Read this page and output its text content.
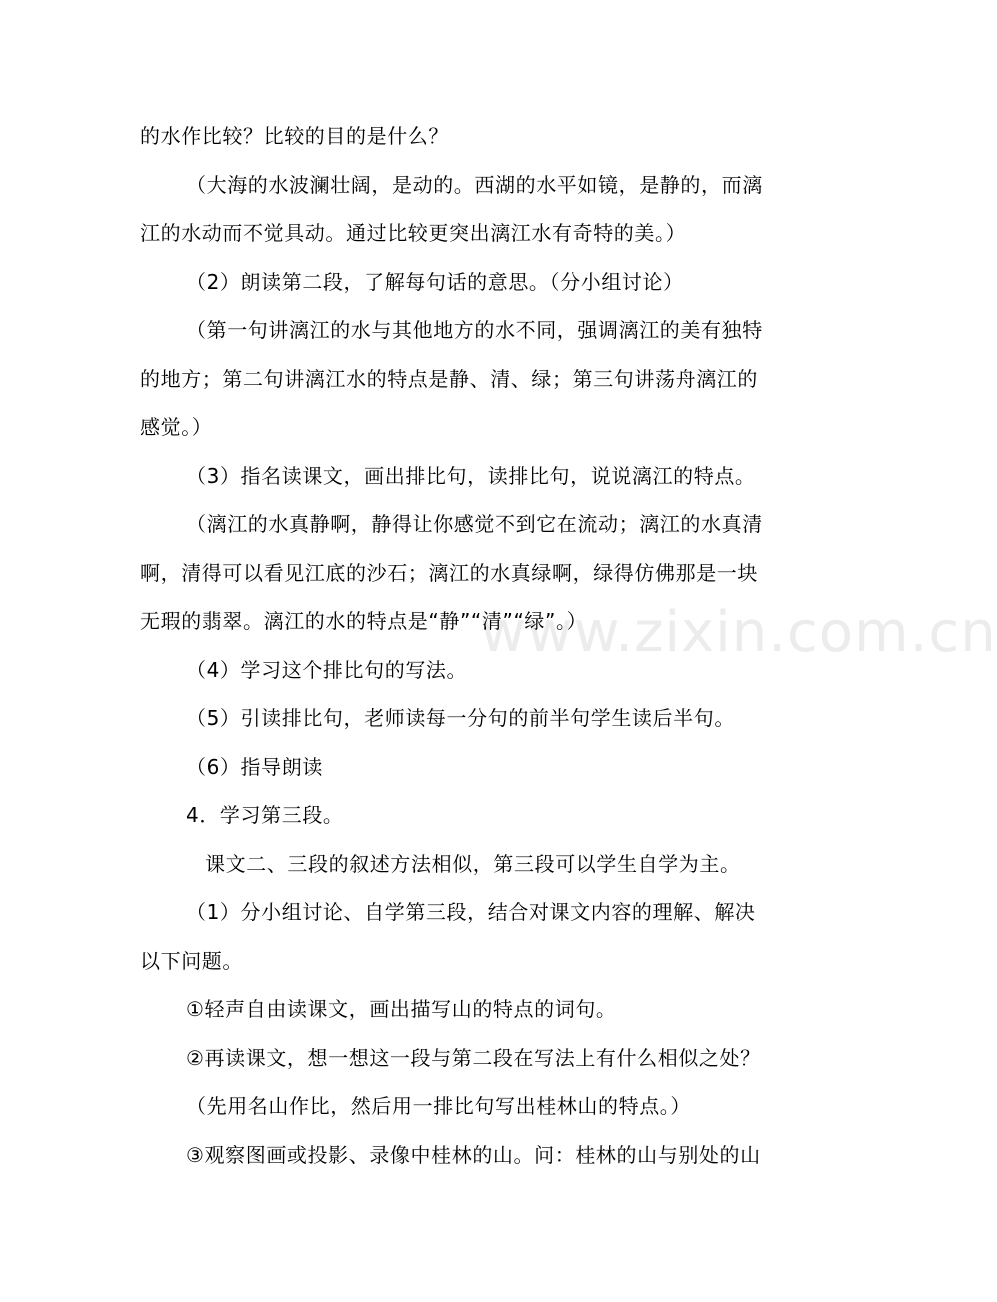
www.zixin.com.cn
的水作比较？比较的目的是什么？
（大海的水波澜壮阔，是动的。西湖的水平如镜，是静的，而漓
江的水动而不觉具动。通过比较更突出漓江水有奇特的美。）
（2）朗读第二段，了解每句话的意思。（分小组讨论）
（第一句讲漓江的水与其他地方的水不同，强调漓江的美有独特
的地方；第二句讲漓江水的特点是静、清、绿；第三句讲荡舟漓江的
感觉。）
（3）指名读课文，画出排比句，读排比句，说说漓江的特点。
（漓江的水真静啊，静得让你感觉不到它在流动；漓江的水真清
啊，清得可以看见江底的沙石；漓江的水真绿啊，绿得仿佛那是一块
无瑕的翡翠。漓江的水的特点是“静”“清”“绿”。）
（4）学习这个排比句的写法。
（5）引读排比句，老师读每一分句的前半句学生读后半句。
（6）指导朗读
4．学习第三段。
课文二、三段的叙述方法相似，第三段可以学生自学为主。
（1）分小组讨论、自学第三段，结合对课文内容的理解、解决
以下问题。
①轻声自由读课文，画出描写山的特点的词句。
②再读课文，想一想这一段与第二段在写法上有什么相似之处？
（先用名山作比，然后用一排比句写出桂林山的特点。）
③观察图画或投影、录像中桂林的山。问：桂林的山与别处的山
